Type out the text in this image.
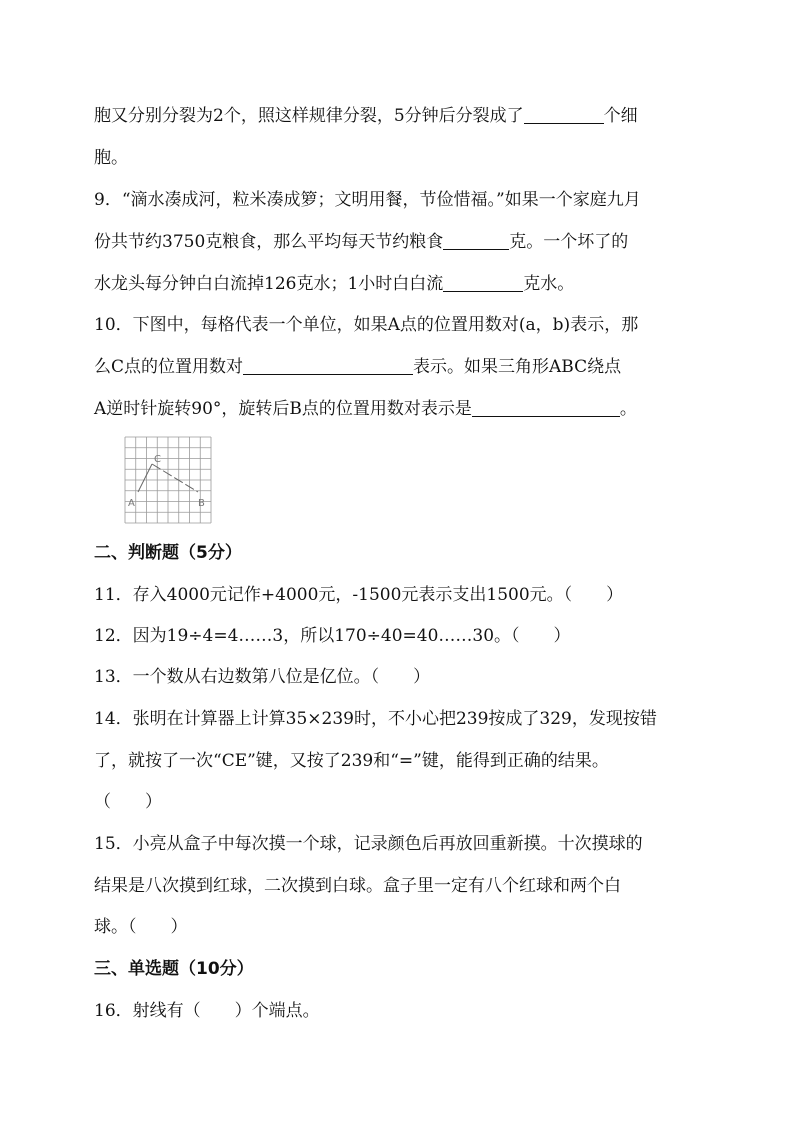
胞又分别分裂为2个，照这样规律分裂，5分钟后分裂成了	个细
胞。
9．“滴水凑成河，粒米凑成箩；文明用餐，节俭惜福。”如果一个家庭九月
份共节约3750克粮食，那么平均每天节约粮食	克。一个坏了的
水龙头每分钟白白流掉126克水；1小时白白流	克水。
10．下图中，每格代表一个单位，如果A点的位置用数对(a，b)表示，那
么C点的位置用数对	表示。如果三角形ABC绕点
A逆时针旋转90°，旋转后B点的位置用数对表示是	。
A
C
B
二、判断题（5分）
11．存入4000元记作+4000元，-1500元表示支出1500元。（　　）
12．因为19÷4=4……3，所以170÷40=40……30。（　　）
13．一个数从右边数第八位是亿位。（　　）
14．张明在计算器上计算35×239时，不小心把239按成了329，发现按错
了，就按了一次“CE”键，又按了239和“=”键，能得到正确的结果。
（　　）
15．小亮从盒子中每次摸一个球，记录颜色后再放回重新摸。十次摸球的
结果是八次摸到红球，二次摸到白球。盒子里一定有八个红球和两个白
球。（　　）
三、单选题（10分）
16．射线有（　　）个端点。
